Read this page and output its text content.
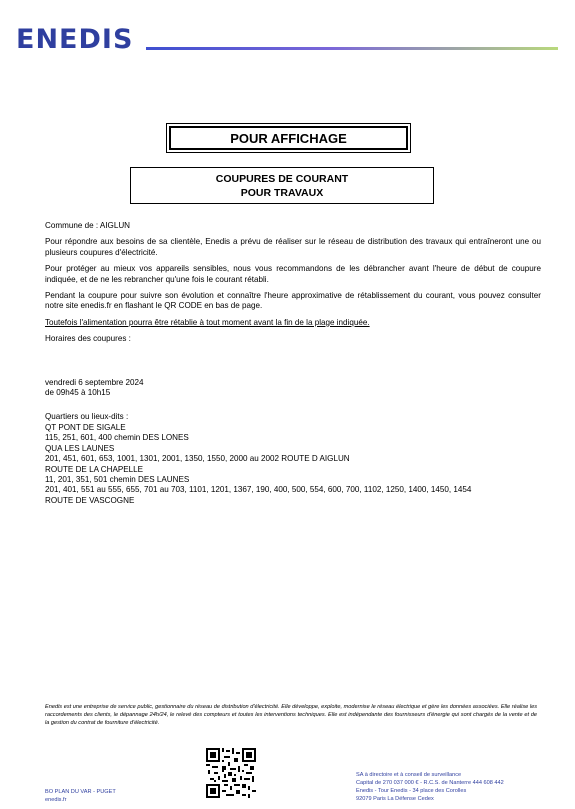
ENEDIS
POUR AFFICHAGE
COUPURES DE COURANT
POUR TRAVAUX

Commune de : AIGLUN

Pour répondre aux besoins de sa clientèle, Enedis a prévu de réaliser sur le réseau de distribution des travaux qui entraîneront une ou plusieurs coupures d'électricité.

Pour protéger au mieux vos appareils sensibles, nous vous recommandons de les débrancher avant l'heure de début de coupure indiquée, et de ne les rebrancher qu'une fois le courant rétabli.

Pendant la coupure pour suivre son évolution et connaître l'heure approximative de rétablissement du courant, vous pouvez consulter notre site enedis.fr en flashant le QR CODE en bas de page.

Toutefois l'alimentation pourra être rétablie à tout moment avant la fin de la plage indiquée.

Horaires des coupures :

vendredi 6 septembre 2024

de 09h45 à 10h15

Quartiers ou lieux-dits :

QT PONT DE SIGALE
115, 251, 601, 400 chemin DES LONES
QUA LES LAUNES
201, 451, 601, 653, 1001, 1301, 2001, 1350, 1550, 2000 au 2002 ROUTE D AIGLUN
ROUTE DE LA CHAPELLE
11, 201, 351, 501 chemin DES LAUNES
201, 401, 551 au 555, 655, 701 au 703, 1101, 1201, 1367, 190, 400, 500, 554, 600, 700, 1102, 1250, 1400, 1450, 1454
ROUTE DE VASCOGNE

Enedis est une entreprise de service public, gestionnaire du réseau de distribution d'électricité. Elle développe, exploite, modernise le réseau électrique et gère les données associées. Elle réalise les raccordements des clients, le dépannage 24h/24, le relevé des compteurs et toutes les interventions techniques. Elle est indépendante des fournisseurs d'énergie qui sont chargés de la vente et de la gestion du contrat de fourniture d'électricité.

BO PLAN DU VAR - PUGET
enedis.fr
SA à directoire et à conseil de surveillance
Capital de 270 037 000 € - R.C.S. de Nanterre 444 608 442
Enedis - Tour Enedis - 34 place des Corolles
92079 Paris La Défense Cedex
